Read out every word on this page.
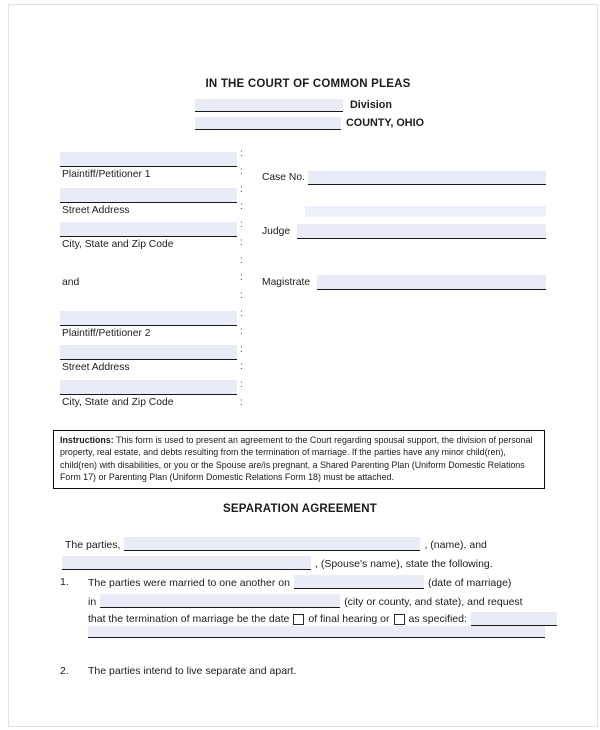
IN THE COURT OF COMMON PLEAS
Division
COUNTY, OHIO
Plaintiff/Petitioner 1
Street Address
City, State and Zip Code
and
Plaintiff/Petitioner 2
Street Address
City, State and Zip Code
:
:
:
:
:
:
:
:
:
:
:
:
:
:
:
Case No.
Judge
Magistrate
Instructions: This form is used to present an agreement to the Court regarding spousal support, the division of personal property, real estate, and debts resulting from the termination of marriage. If the parties have any minor child(ren), child(ren) with disabilities, or you or the Spouse are/is pregnant, a Shared Parenting Plan (Uniform Domestic Relations Form 17) or Parenting Plan (Uniform Domestic Relations Form 18) must be attached.
SEPARATION AGREEMENT
The parties,	, (name), and
, (Spouse's name), state the following.
1. The parties were married to one another on	(date of marriage)
in	(city or county, and state), and request
that the termination of marriage be the date of final hearing or as specified:
2. The parties intend to live separate and apart.
